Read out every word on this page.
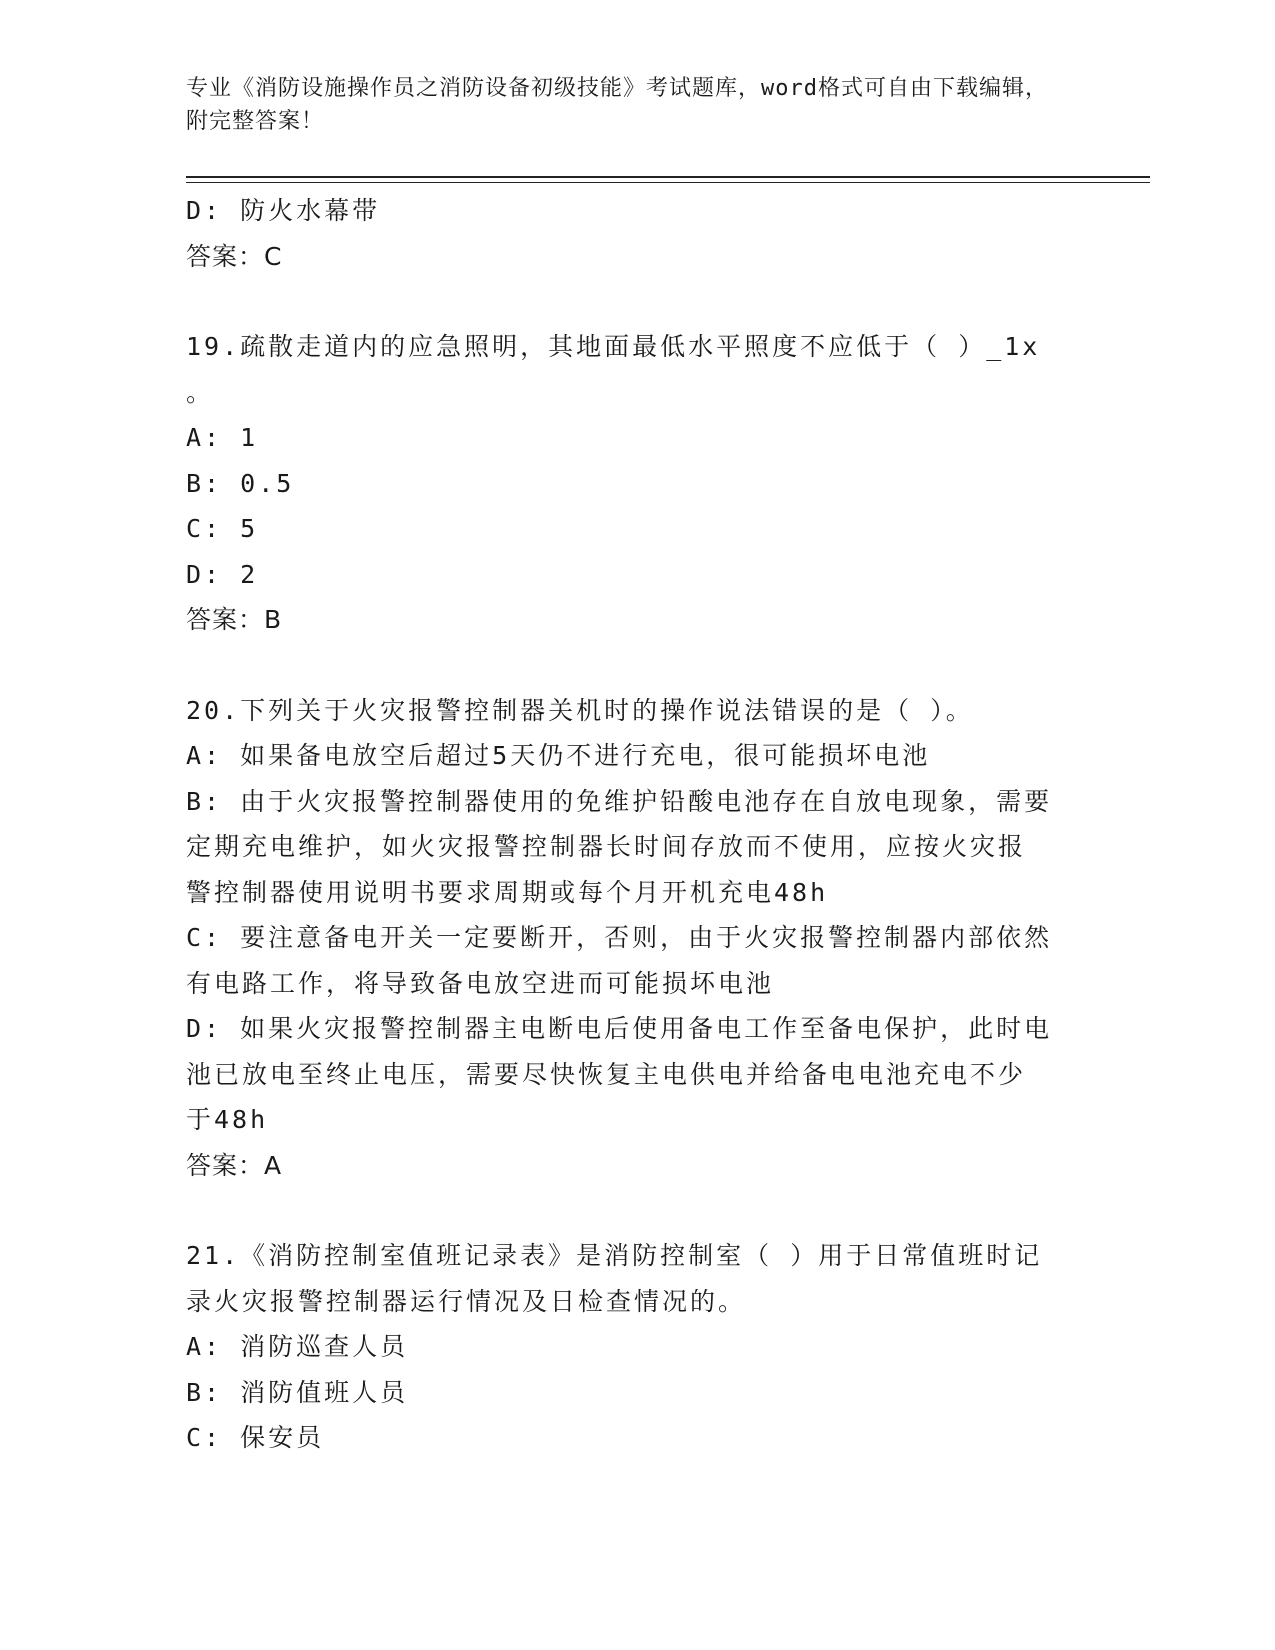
专业《消防设施操作员之消防设备初级技能》考试题库，word格式可自由下载编辑，附完整答案！
D: 防火水幕带
答案：C
19.疏散走道内的应急照明，其地面最低水平照度不应低于（ ）_1x
。
A: 1
B: 0.5
C: 5
D: 2
答案：B
20.下列关于火灾报警控制器关机时的操作说法错误的是（ ）。
A: 如果备电放空后超过5天仍不进行充电，很可能损坏电池
B: 由于火灾报警控制器使用的免维护铅酸电池存在自放电现象，需要
定期充电维护，如火灾报警控制器长时间存放而不使用，应按火灾报
警控制器使用说明书要求周期或每个月开机充电48h
C: 要注意备电开关一定要断开，否则，由于火灾报警控制器内部依然
有电路工作，将导致备电放空进而可能损坏电池
D: 如果火灾报警控制器主电断电后使用备电工作至备电保护，此时电
池已放电至终止电压，需要尽快恢复主电供电并给备电电池充电不少
于48h
答案：A
21.《消防控制室值班记录表》是消防控制室（ ）用于日常值班时记
录火灾报警控制器运行情况及日检查情况的。
A: 消防巡查人员
B: 消防值班人员
C: 保安员
